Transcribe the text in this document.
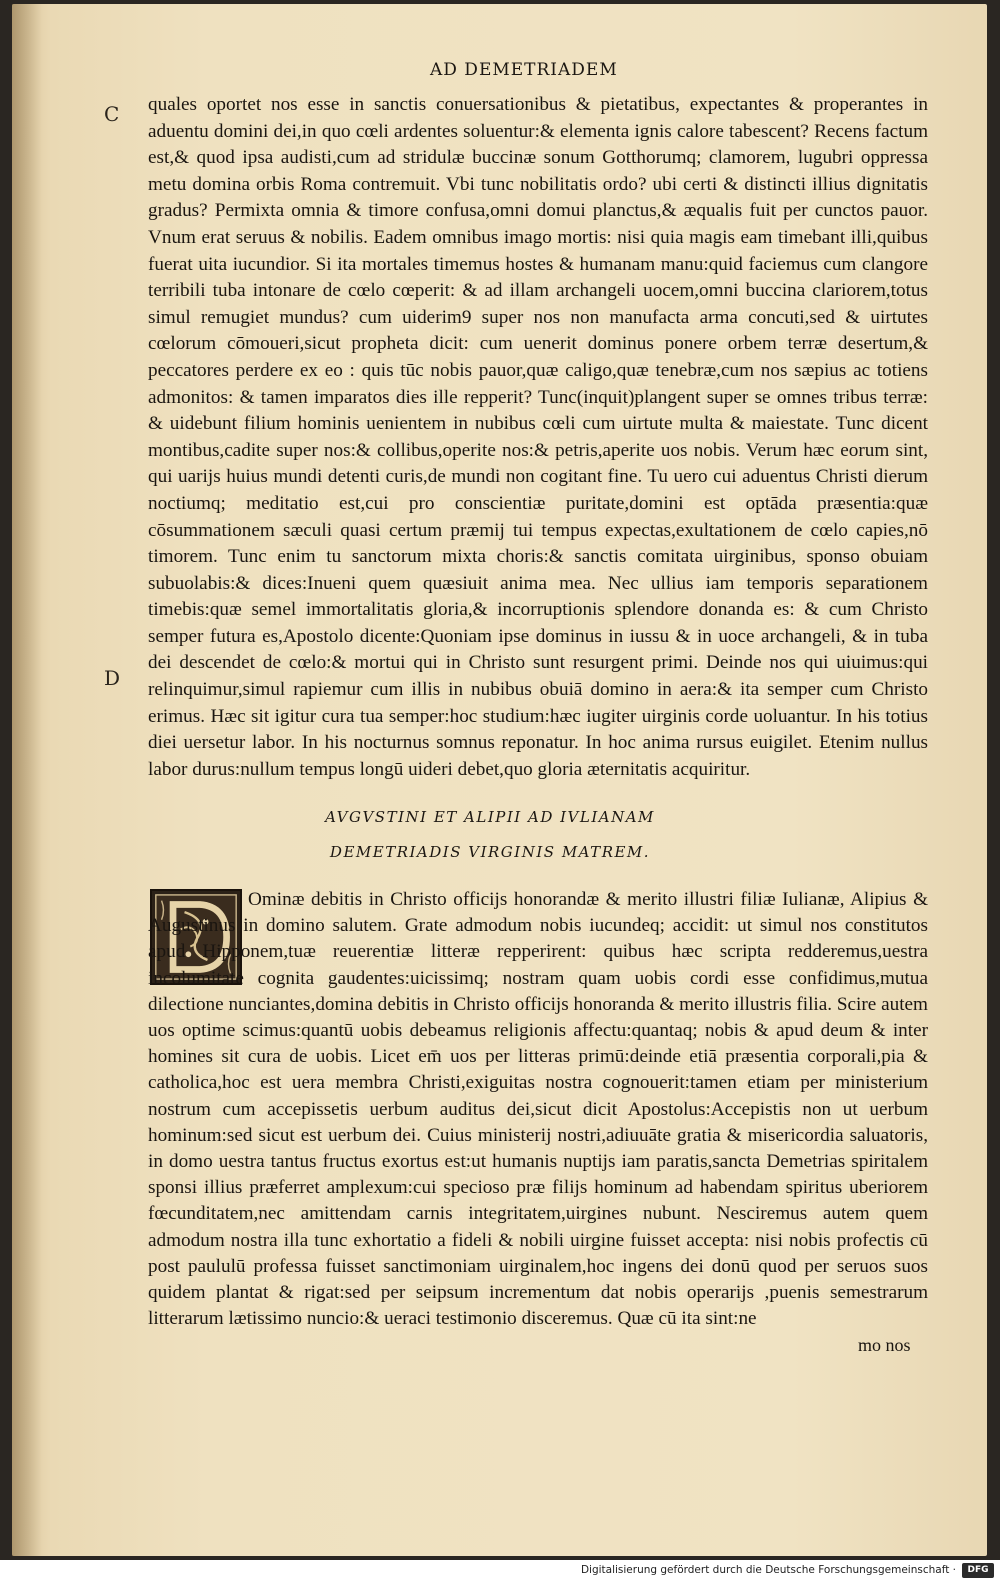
AD DEMETRIADEM
C
D
quales oportet nos esse in sanctis conuersationibus & pietatibus, expectantes & properantes in aduentu domini dei,in quo cœli ardentes soluentur:& elementa ignis calore tabescent? Recens factum est,& quod ipsa audisti,cum ad stridulæ buccinæ sonum Gotthorumq; clamorem, lugubri oppressa metu domina orbis Roma contremuit. Vbi tunc nobilitatis ordo? ubi certi & distincti illius dignitatis gradus? Permixta omnia & timore confusa,omni domui planctus,& æqualis fuit per cunctos pauor. Vnum erat seruus & nobilis. Eadem omnibus imago mortis: nisi quia magis eam timebant illi,quibus fuerat uita iucundior. Si ita mortales timemus hostes & humanam manu:quid faciemus cum clangore terribili tuba intonare de cœlo cœperit: & ad illam archangeli uocem,omni buccina clariorem,totus simul remugiet mundus? cum uiderim9 super nos non manufacta arma concuti,sed & uirtutes cœlorum cōmoueri,sicut propheta dicit: cum uenerit dominus ponere orbem terræ desertum,& peccatores perdere ex eo : quis tūc nobis pauor,quæ caligo,quæ tenebræ,cum nos sæpius ac totiens admonitos: & tamen imparatos dies ille repperit? Tunc(inquit)plangent super se omnes tribus terræ: & uidebunt filium hominis uenientem in nubibus cœli cum uirtute multa & maiestate. Tunc dicent montibus,cadite super nos:& collibus,operite nos:& petris,aperite uos nobis. Verum hæc eorum sint, qui uarijs huius mundi detenti curis,de mundi non cogitant fine. Tu uero cui aduentus Christi dierum noctiumq; meditatio est,cui pro conscientiæ puritate,domini est optāda præsentia:quæ cōsummationem sæculi quasi certum præmij tui tempus expectas,exultationem de cœlo capies,nō timorem. Tunc enim tu sanctorum mixta choris:& sanctis comitata uirginibus, sponso obuiam subuolabis:& dices:Inueni quem quæsiuit anima mea. Nec ullius iam temporis separationem timebis:quæ semel immortalitatis gloria,& incorruptionis splendore donanda es: & cum Christo semper futura es,Apostolo dicente:Quoniam ipse dominus in iussu & in uoce archangeli, & in tuba dei descendet de cœlo:& mortui qui in Christo sunt resurgent primi. Deinde nos qui uiuimus:qui relinquimur,simul rapiemur cum illis in nubibus obuiā domino in aera:& ita semper cum Christo erimus. Hæc sit igitur cura tua semper:hoc studium:hæc iugiter uirginis corde uoluantur. In his totius diei uersetur labor. In his nocturnus somnus reponatur. In hoc anima rursus euigilet. Etenim nullus labor durus:nullum tempus longū uideri debet,quo gloria æternitatis acquiritur.
AVGVSTINI ET ALIPII AD IVLIANAM
DEMETRIADIS VIRGINIS MATREM.
Ominæ debitis in Christo officijs honorandæ & merito illustri filiæ Iulianæ, Alipius & Augustinus in domino salutem. Grate admodum nobis iucundeq; accidit: ut simul nos constitutos apud Hipponem,tuæ reuerentiæ litteræ repperirent: quibus hæc scripta redderemus,uestra incolumitate cognita gaudentes:uicissimq; nostram quam uobis cordi esse confidimus,mutua dilectione nunciantes,domina debitis in Christo officijs honoranda & merito illustris filia. Scire autem uos optime scimus:quantū uobis debeamus religionis affectu:quantaq; nobis & apud deum & inter homines sit cura de uobis. Licet em̄ uos per litteras primū:deinde etiā præsentia corporali,pia & catholica,hoc est uera membra Christi,exiguitas nostra cognouerit:tamen etiam per ministerium nostrum cum accepissetis uerbum auditus dei,sicut dicit Apostolus:Accepistis non ut uerbum hominum:sed sicut est uerbum dei. Cuius ministerij nostri,adiuuāte gratia & misericordia saluatoris, in domo uestra tantus fructus exortus est:ut humanis nuptijs iam paratis,sancta Demetrias spiritalem sponsi illius præferret amplexum:cui specioso præ filijs hominum ad habendam spiritus uberiorem fœcunditatem,nec amittendam carnis integritatem,uirgines nubunt. Nesciremus autem quem admodum nostra illa tunc exhortatio a fideli & nobili uirgine fuisset accepta: nisi nobis profectis cū post paululū professa fuisset sanctimoniam uirginalem,hoc ingens dei donū quod per seruos suos quidem plantat & rigat:sed per seipsum incrementum dat nobis operarijs ,puenis semestrarum litterarum lætissimo nuncio:& ueraci testimonio disceremus. Quæ cū ita sint:ne
mo nos
Digitalisierung gefördert durch die Deutsche Forschungsgemeinschaft ·	DFG
